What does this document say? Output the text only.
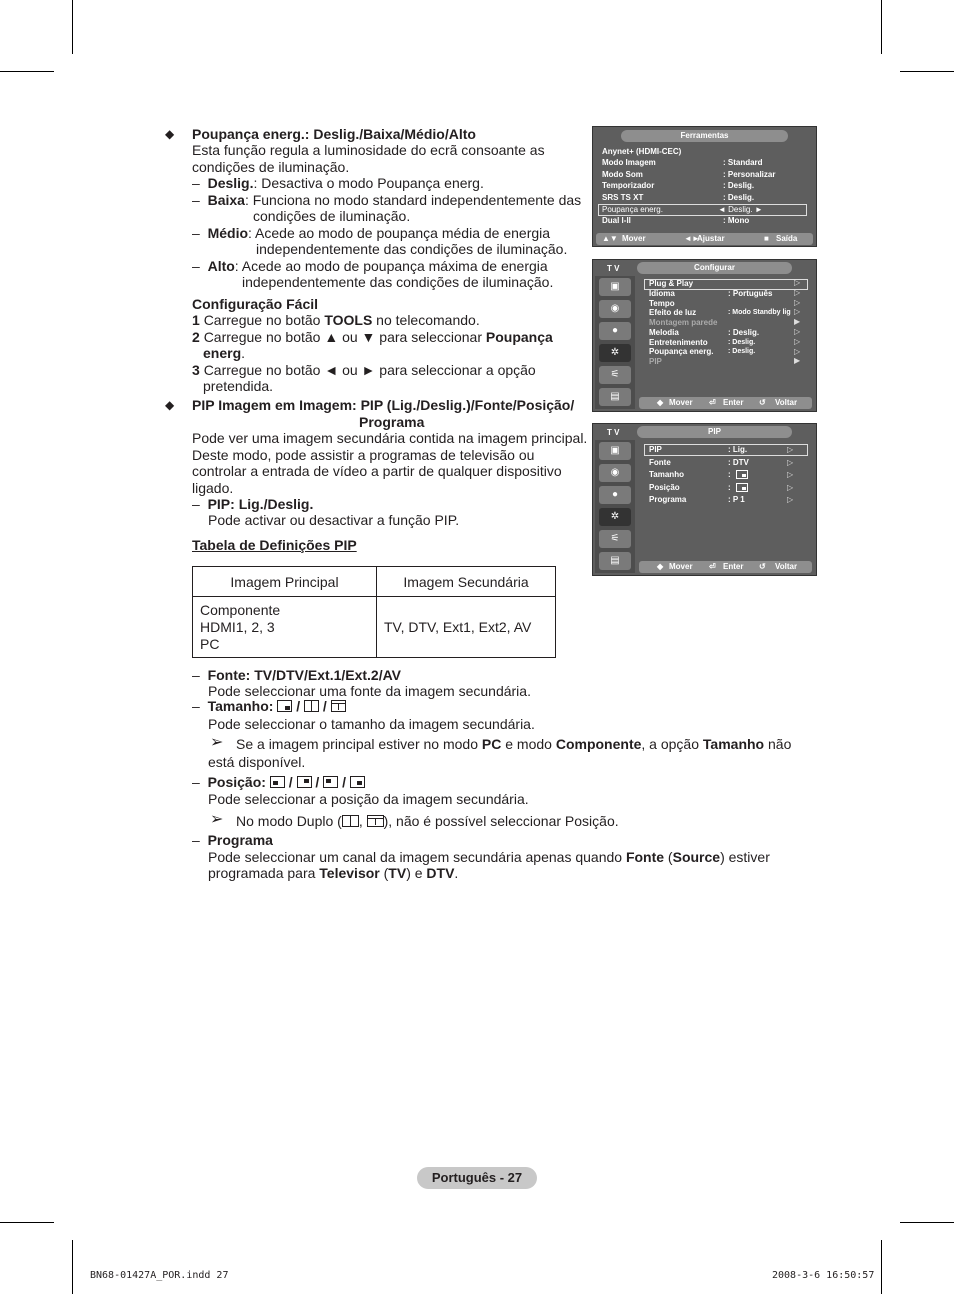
◆ Poupança energ.: Deslig./Baixa/Médio/Alto
Esta função regula a luminosidade do ecrã consoante as
condições de iluminação.
–  Deslig.: Desactiva o modo Poupança energ.
–  Baixa: Funciona no modo standard independentemente das
condições de iluminação.
–  Médio: Acede ao modo de poupança média de energia
independentemente das condições de iluminação.
–  Alto: Acede ao modo de poupança máxima de energia
independentemente das condições de iluminação.
Configuração Fácil
1 Carregue no botão TOOLS no telecomando.
2 Carregue no botão ▲ ou ▼ para seleccionar Poupança
energ.
3 Carregue no botão ◄ ou ► para seleccionar a opção
pretendida.
◆ PIP Imagem em Imagem: PIP (Lig./Deslig.)/Fonte/Posição/
Programa
Pode ver uma imagem secundária contida na imagem principal.
Deste modo, pode assistir a programas de televisão ou
controlar a entrada de vídeo a partir de qualquer dispositivo
ligado.
–  PIP: Lig./Deslig.
Pode activar ou desactivar a função PIP.
Tabela de Definições PIP
Imagem Principal	Imagem Secundária

Componente
HDMI1, 2, 3
PC	TV, DTV, Ext1, Ext2, AV
–  Fonte: TV/DTV/Ext.1/Ext.2/AV
Pode seleccionar uma fonte da imagem secundária.
–  Tamanho: / /
Pode seleccionar o tamanho da imagem secundária.
➢ Se a imagem principal estiver no modo PC e modo Componente, a opção Tamanho não
está disponível.
–  Posição: / / /
Pode seleccionar a posição da imagem secundária.
➢ No modo Duplo ( ,
), não é possível seleccionar Posição.
–  Programa
Pode seleccionar um canal da imagem secundária apenas quando Fonte (Source) estiver
programada para Televisor (TV) e DTV.
Ferramentas
Anynet+ (HDMI-CEC)
Modo Imagem	: Standard
Modo Som	: Personalizar
Temporizador	: Deslig.
SRS TS XT	: Deslig.
Poupança energ.	◄ Deslig. ►
Dual l-ll	: Mono
▲▼ Mover	◄►
Ajustar	■ Saída
T V	Configurar
▣
◉
●
✲
⚟
▤
Plug & Play
Idioma	: Português
Tempo
Efeito de luz	: Modo Standby lig
Montagem parede
Melodia	: Deslig.
Entretenimento	: Deslig.
Poupança energ. : Deslig.
PIP
▷
▷
▷
▷
▶
▷
▷
▷
▶
◆ Mover ⏎ Enter ↺ Voltar
T V	PIP
▣
◉
●
✲
⚟
▤
PIP	: Lig.
Fonte	: DTV
Tamanho	:
Posição	:
Programa	: P 1
▷
▷
▷
▷
▷
◆ Mover ⏎ Enter ↺ Voltar
Português - 27
BN68-01427A_POR.indd 27	2008-3-6 16:50:57
